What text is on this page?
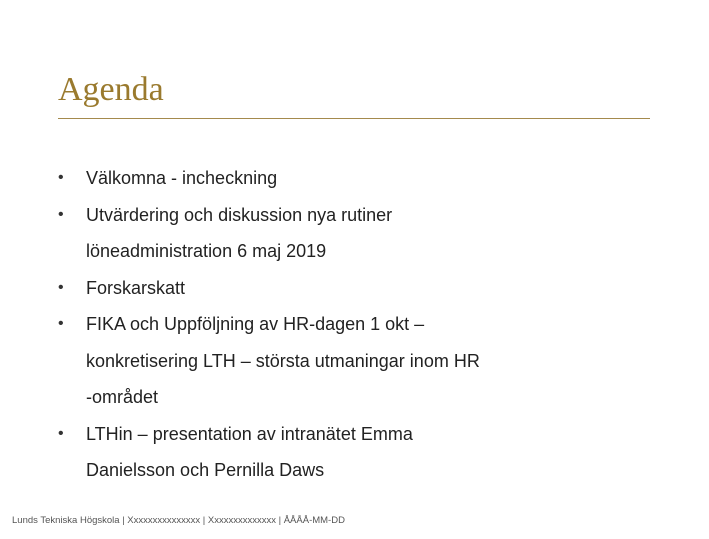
Agenda
•	Välkomna - incheckning
•	Utvärdering och diskussion nya rutiner
löneadministration 6 maj 2019
•	Forskarskatt
•	FIKA och Uppföljning av HR-dagen 1 okt –
konkretisering LTH – största utmaningar inom HR
-området
•	LTHin – presentation av intranätet Emma
Danielsson och Pernilla Daws
Lunds Tekniska Högskola | Xxxxxxxxxxxxxxx | Xxxxxxxxxxxxxx | ÅÅÅÅ-MM-DD
